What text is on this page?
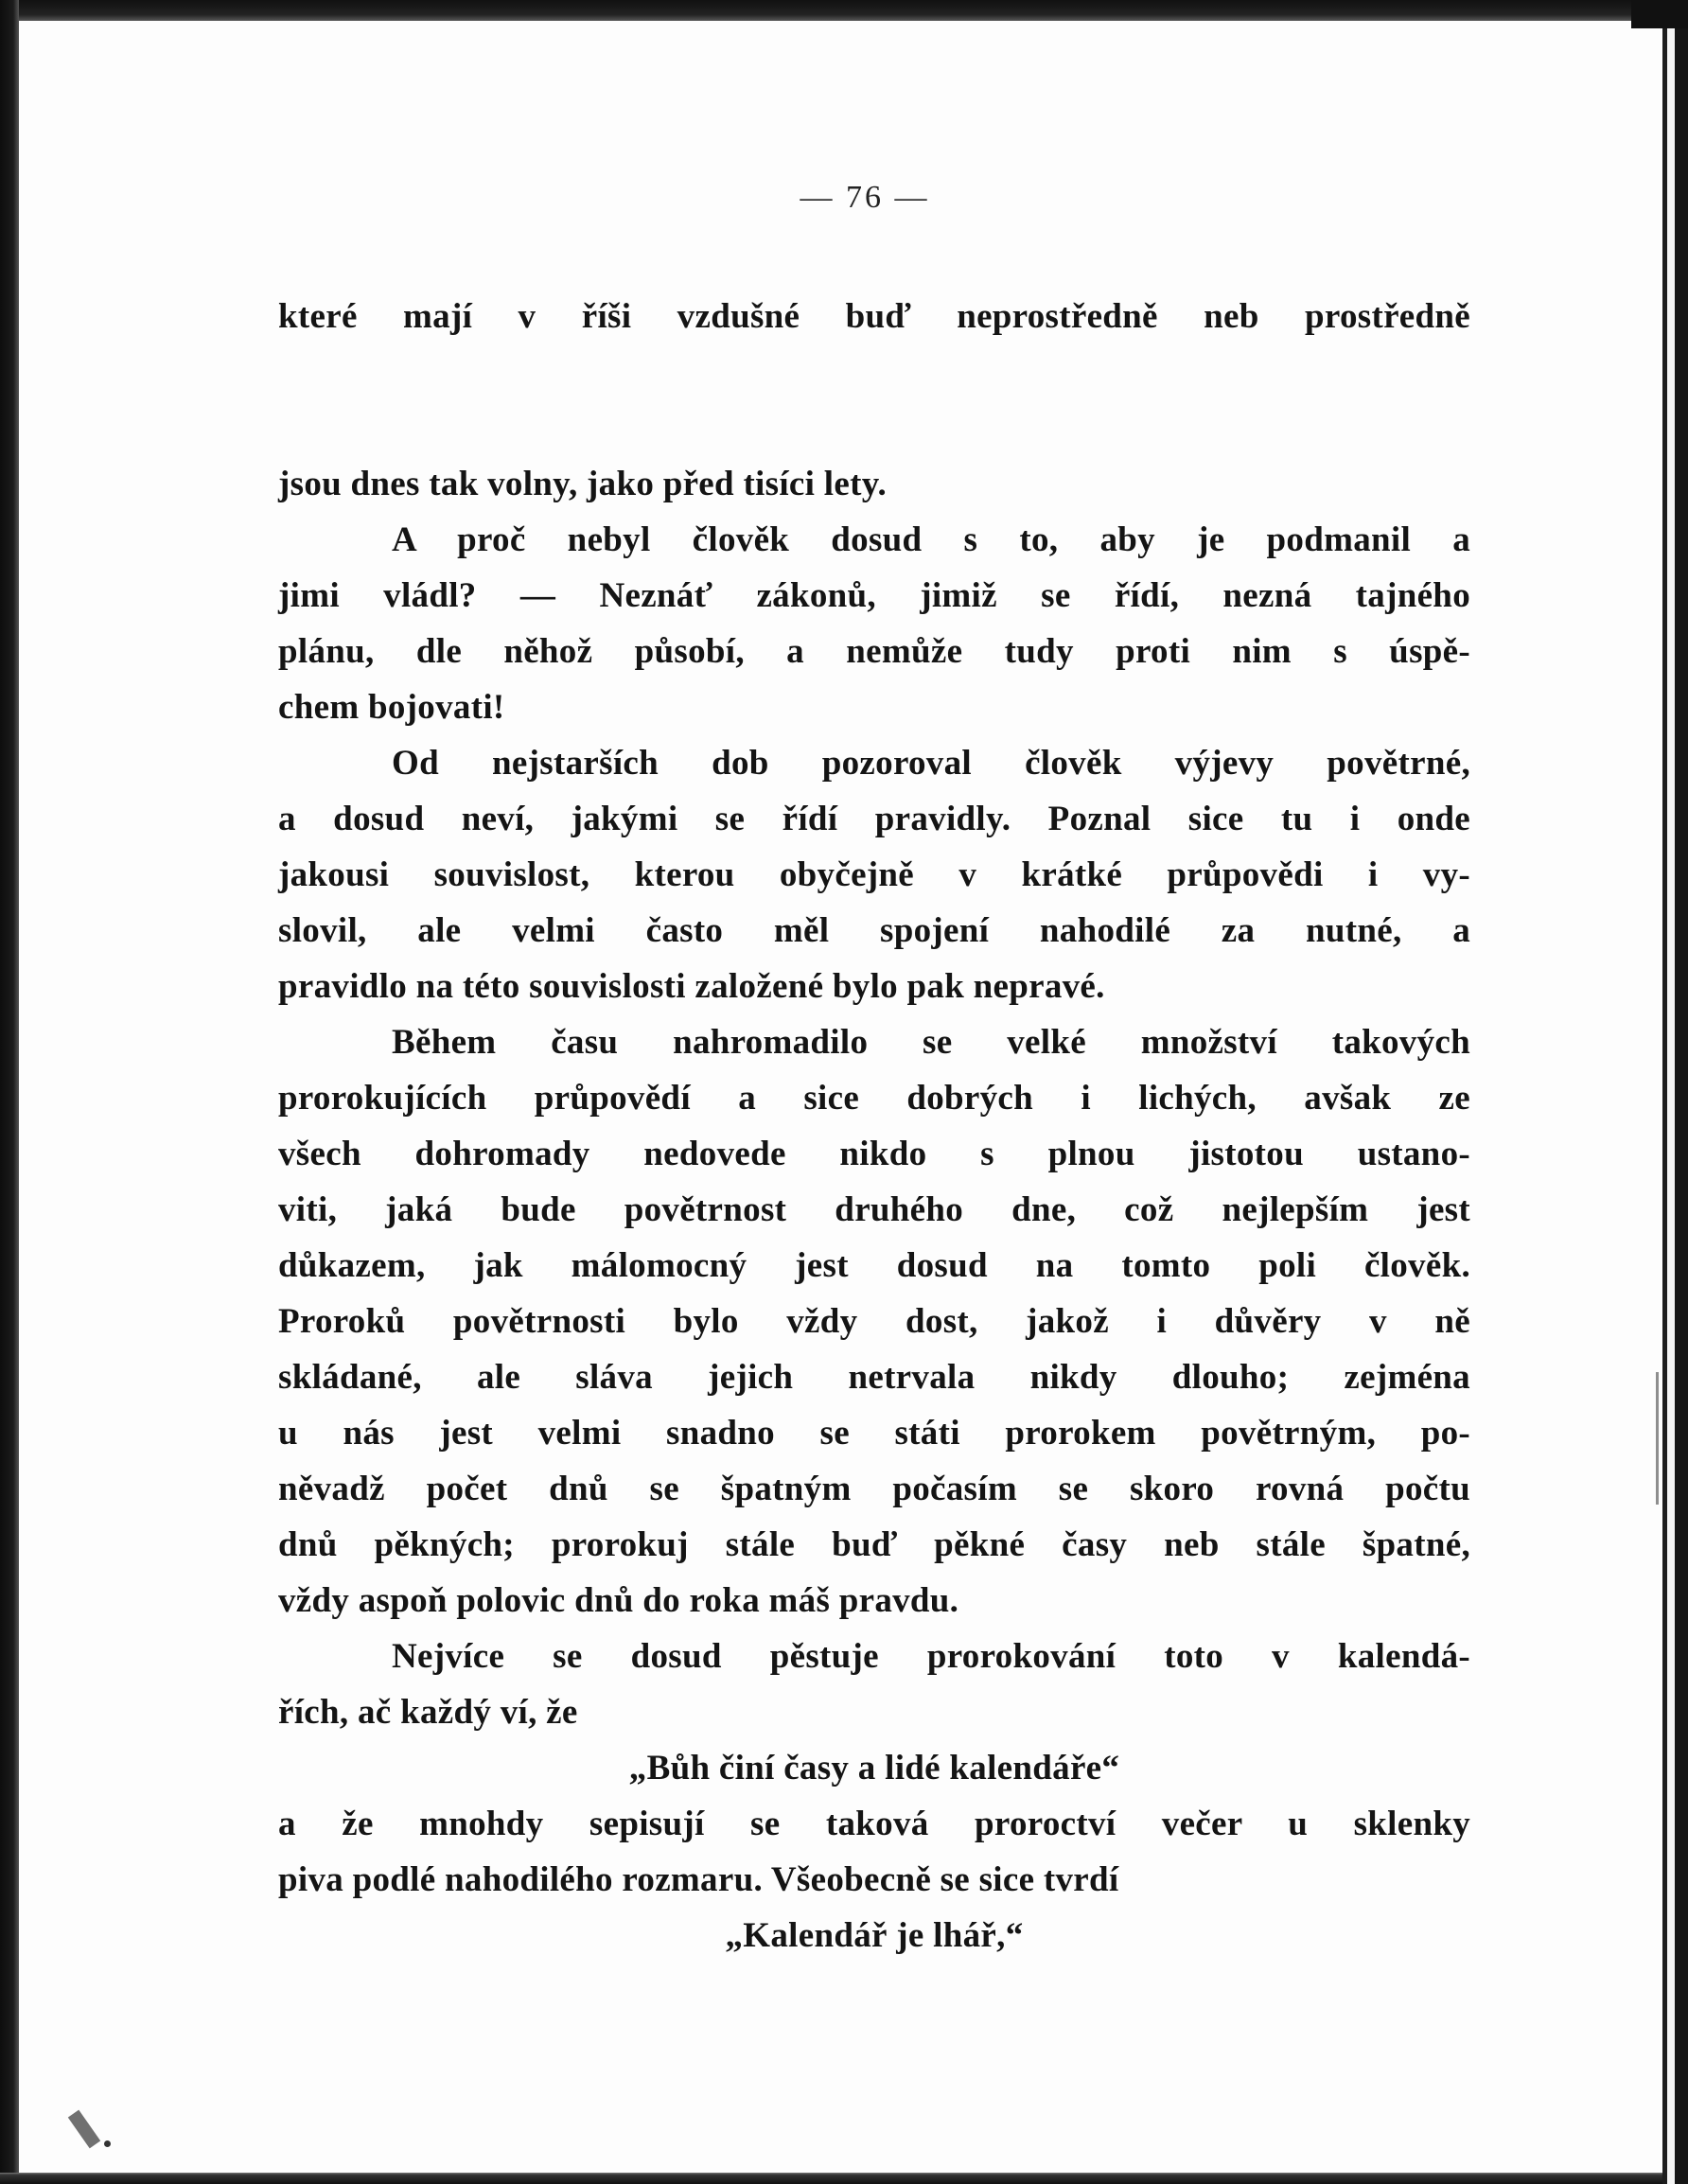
— 76 —
které mají v říši vzdušné buď neprostředně neb prostředně
jsou dnes tak volny, jako před tisíci lety.
A proč nebyl člověk dosud s to, aby je podmanil a
jimi vládl? — Neznáť zákonů, jimiž se řídí, nezná tajného
plánu, dle něhož působí, a nemůže tudy proti nim s úspě-
chem bojovati!
Od nejstarších dob pozoroval člověk výjevy povětrné,
a dosud neví, jakými se řídí pravidly. Poznal sice tu i onde
jakousi souvislost, kterou obyčejně v krátké průpovědi i vy-
slovil, ale velmi často měl spojení nahodilé za nutné, a
pravidlo na této souvislosti založené bylo pak nepravé.
Během času nahromadilo se velké množství takových
prorokujících průpovědí a sice dobrých i lichých, avšak ze
všech dohromady nedovede nikdo s plnou jistotou ustano-
viti, jaká bude povětrnost druhého dne, což nejlepším jest
důkazem, jak málomocný jest dosud na tomto poli člověk.
Proroků povětrnosti bylo vždy dost, jakož i důvěry v ně
skládané, ale sláva jejich netrvala nikdy dlouho; zejména
u nás jest velmi snadno se státi prorokem povětrným, po-
něvadž počet dnů se špatným počasím se skoro rovná počtu
dnů pěkných; prorokuj stále buď pěkné časy neb stále špatné,
vždy aspoň polovic dnů do roka máš pravdu.
Nejvíce se dosud pěstuje prorokování toto v kalendá-
řích, ač každý ví, že
„Bůh činí časy a lidé kalendáře“
a že mnohdy sepisují se taková proroctví večer u sklenky
piva podlé nahodilého rozmaru. Všeobecně se sice tvrdí
„Kalendář je lhář,“
